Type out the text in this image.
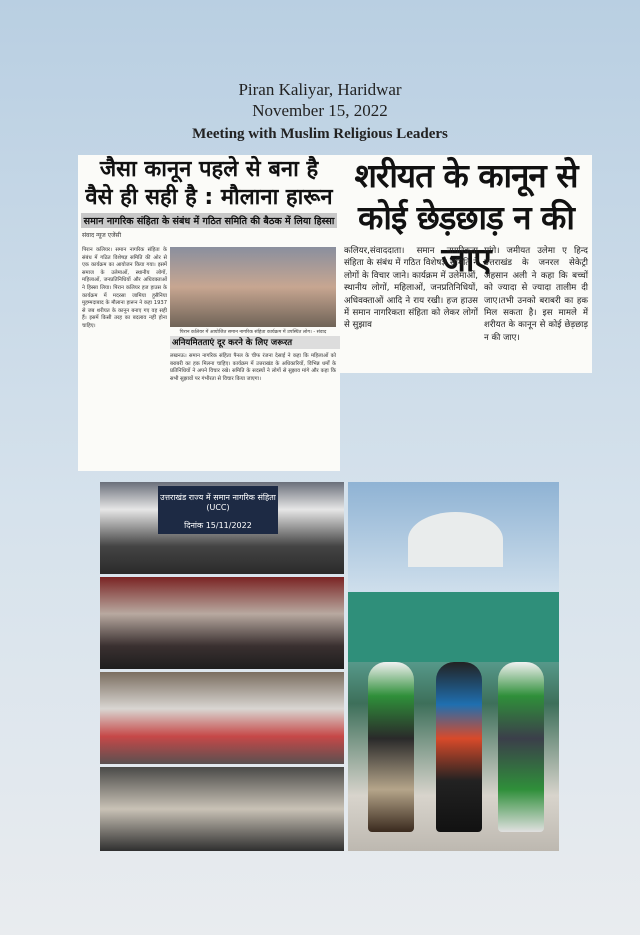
Piran Kaliyar, Haridwar
November 15, 2022
Meeting with Muslim Religious Leaders
जैसा कानून पहले से बना है
वैसे ही सही है : मौलाना हारून
समान नागरिक संहिता के संबंध में गठित समिति की बैठक में लिया हिस्सा
संवाद न्यूज एजेंसी
पिरान कलियर। समान नागरिक संहिता के संबंध में गठित विशेषज्ञ समिति की ओर से एक कार्यक्रम का आयोजन किया गया। इसमें समाज के उलेमाओं, स्थानीय लोगों, महिलाओं, जनप्रतिनिधियों और अधिवक्ताओं ने हिस्सा लिया। पिरान कलियर हज हाउस के कार्यक्रम में मदरसा जामिया हुसैनिया मुहम्मदाबाद के मौलाना हारून ने कहा 1937 से जब शरीयत के कानून बनाए गए वह सही हैं। इसमें किसी तरह का बदलाव नहीं होना चाहिए।
पिरान कलियर में आयोजित समान नागरिक संहिता कार्यक्रम में उपस्थित लोग। - संवाद
अनियमितताएं दूर करने के लिए जरूरत
लखनऊ। समान नागरिक संहिता पैनल के चीफ रंजना देसाई ने कहा कि महिलाओं को बराबरी का हक मिलना चाहिए। कार्यक्रम में उत्तराखंड के अधिकारियों, विभिन्न धर्मों के प्रतिनिधियों ने अपने विचार रखे। समिति के सदस्यों ने लोगों से सुझाव मांगे और कहा कि सभी सुझावों पर गंभीरता से विचार किया जाएगा।
शरीयत के कानून से
कोई छेड़छाड़ न की जाए
कलियर,संवाददाता। समान नागरिकता संहिता के संबंध में गठित विशेषज्ञ समिति ने लोगों के विचार जाने। कार्यक्रम में उलेमाओं, स्थानीय लोगों, महिलाओं, जनप्रतिनिधियों, अधिवक्ताओं आदि ने राय रखी। हज हाउस में समान नागरिकता संहिता को लेकर लोगों से सुझाव
मांगे। जमीयत उलेमा ए हिन्द उत्तराखंड के जनरल सेकेट्री अहसान अली ने कहा कि बच्चों को ज्यादा से ज्यादा तालीम दी जाए।तभी उनको बराबरी का हक मिल सकता है। इस मामले में शरीयत के कानून से कोई छेड़छाड़ न की जाए।
उत्तराखंड राज्य में समान नागरिक संहिता (UCC)
दिनांक 15/11/2022
